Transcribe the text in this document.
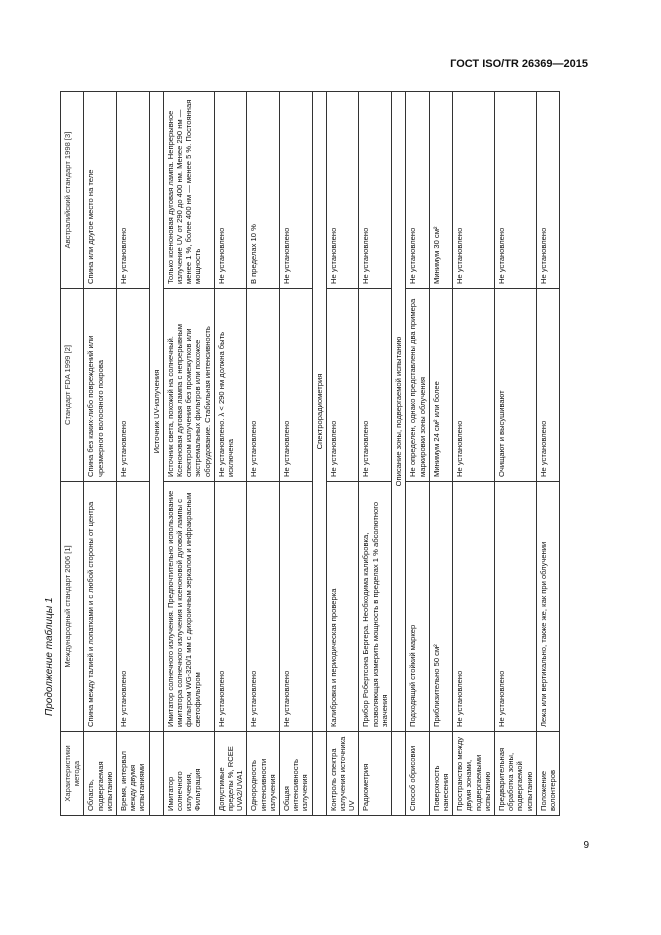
ГОСТ ISO/TR 26369—2015
Продолжение таблицы 1
Характеристики метода	Международный стандарт 2006 [1]	Стандарт FDA 1999 [2]	Австралийский стандарт 1998 [3]
Область, подвергаемая испытанию	Спина между талией и лопатками и с любой стороны от центра	Спина без каких-либо повреждений или чрезмерного волосяного покрова	Спина или другое место на теле
Время, интервал между двумя испытаниями	Не установлено	Не установлено	Не установлено
	Источник UV-излучения		
Имитатор солнечного излучения, Фильтрация	Имитатор солнечного излучения. Предпочтительно использование имитатора солнечного излучения и ксеноновой дуговой лампы с фильтром WG-320/1 мм с дихроичным зеркалом и инфракрасным светофильтром	Источник света, похожий на солнечный. Ксеноновая дуговая лампа с непрерывным спектром излучения без промежутков или экстремальных фильтров или похожее оборудование. Стабильная интенсивность	Только ксеноновая дуговая лампа. Непрерывное излучение UV от 290 до 400 нм. Менее 290 нм — менее 1 %, более 400 нм — менее 5 %. Постоянная мощность
Допустимые пределы %, RCEE UVA2/UVA1	Не установлено	Не установлено. λ < 290 нм должна быть исключена	Не установлено
Однородность интенсивности излучения	Не установлено	Не установлено	В пределах 10 %
Общая интенсивность излучения	Не установлено	Не установлено	Не установлено
	Спектрорадиометрия		
Контроль спектра излучения источника UV	Калибровка и периодическая проверка	Не установлено	Не установлено
Радиометрия	Прибор Робертсона Бергера. Необходима калибровка, позволяющая измерить мощность в пределах 1 % абсолютного значения	Не установлено	Не установлено
	Описание зоны, подвергаемой испытанию		
Способ обрисовки	Подходящий стойкий маркер	Не определен, однако представлены два примера маркировки зоны облучения	Не установлено
Поверхность нанесения	Приблизительно 50 см²	Минимум 24 см² или более	Минимум 30 см²
Пространство между двумя зонами, подвергаемыми испытанию	Не установлено	Не установлено	Не установлено
Предварительная обработка зоны, подвергаемой испытанию	Не установлено	Очищают и высушивают	Не установлено
Положение волонтеров	Лежа или вертикально, также же, как при облучении	Не установлено	Не установлено
9
